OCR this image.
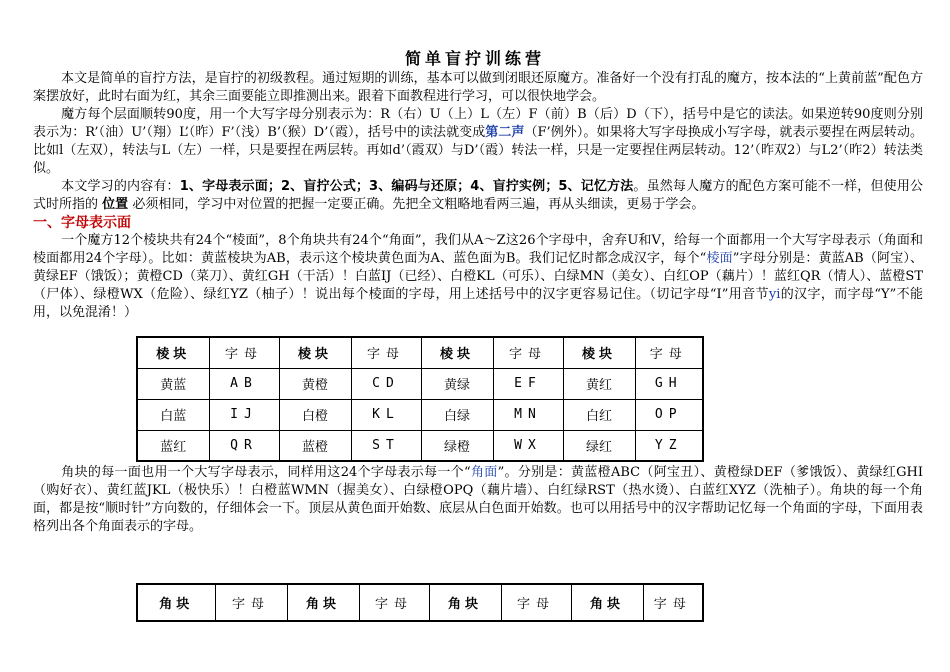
简单盲拧训练营
本文是简单的盲拧方法，是盲拧的初级教程。通过短期的训练，基本可以做到闭眼还原魔方。准备好一个没有打乱的魔方，按本法的“上黄前蓝”配色方案摆放好，此时右面为红，其余三面要能立即推测出来。跟着下面教程进行学习，可以很快地学会。
魔方每个层面顺转90度，用一个大写字母分别表示为：R（右）U（上）L（左）F（前）B（后）D（下），括号中是它的读法。如果逆转90度则分别表示为：R’（油）U’（翔）L’（昨）F’（浅）B’（猴）D’（霞），括号中的读法就变成第二声（F’例外）。如果将大写字母换成小写字母，就表示要捏在两层转动。比如l（左双），转法与L（左）一样，只是要捏在两层转。再如d’（霞双）与D’（霞）转法一样，只是一定要捏住两层转动。12’（昨双2）与L2’（昨2）转法类似。
本文学习的内容有：1、字母表示面；2、盲拧公式；3、编码与还原；4、盲拧实例；5、记忆方法。虽然每人魔方的配色方案可能不一样，但使用公式时所指的 位置 必须相同，学习中对位置的把握一定要正确。先把全文粗略地看两三遍，再从头细读，更易于学会。
一、字母表示面
一个魔方12个棱块共有24个“棱面”，8个角块共有24个“角面”，我们从A～Z这26个字母中，舍弃U和V，给每一个面都用一个大写字母表示（角面和棱面都用24个字母）。比如：黄蓝棱块为AB，表示这个棱块黄色面为A、蓝色面为B。我们记忆时都念成汉字，每个“棱面”字母分别是：黄蓝AB（阿宝）、黄绿EF（饿饭）；黄橙CD（菜刀）、黄红GH（干活）！白蓝IJ（已经）、白橙KL（可乐）、白绿MN（美女）、白红OP（藕片）！蓝红QR（情人）、蓝橙ST（尸体）、绿橙WX（危险）、绿红YZ（柚子）！说出每个棱面的字母，用上述括号中的汉字更容易记住。（切记字母“I”用音节yi的汉字，而字母“Y”不能用，以免混淆！）
棱块	字母	棱块	字母	棱块	字母	棱块	字母
黄蓝	AB	黄橙	CD	黄绿	EF	黄红	GH
白蓝	IJ	白橙	KL	白绿	MN	白红	OP
蓝红	QR	蓝橙	ST	绿橙	WX	绿红	YZ
角块的每一面也用一个大写字母表示，同样用这24个字母表示每一个“角面”。分别是：黄蓝橙ABC（阿宝丑）、黄橙绿DEF（爹饿饭）、黄绿红GHI（购好衣）、黄红蓝JKL（极快乐）！白橙蓝WMN（握美女）、白绿橙OPQ（藕片墙）、白红绿RST（热水烫）、白蓝红XYZ（洗柚子）。角块的每一个角面，都是按“顺时针”方向数的，仔细体会一下。顶层从黄色面开始数、底层从白色面开始数。也可以用括号中的汉字帮助记忆每一个角面的字母，下面用表格列出各个角面表示的字母。
角块	字母	角块	字母	角块	字母	角块	字母
